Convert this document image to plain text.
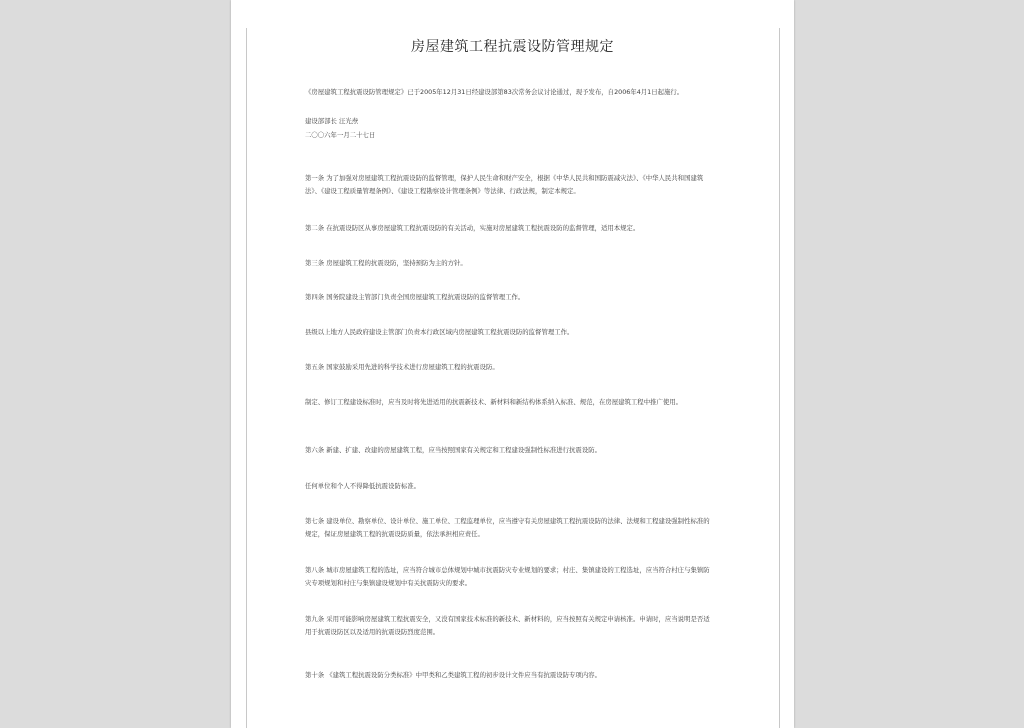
房屋建筑工程抗震设防管理规定
《房屋建筑工程抗震设防管理规定》已于2005年12月31日经建设部第83次常务会议讨论通过，现予发布，自2006年4月1日起施行。
建设部部长 汪光焘
二〇〇六年一月二十七日
第一条 为了加强对房屋建筑工程抗震设防的监督管理，保护人民生命和财产安全，根据《中华人民共和国防震减灾法》、《中华人民共和国建筑法》、《建设工程质量管理条例》、《建设工程勘察设计管理条例》等法律、行政法规，制定本规定。
第二条 在抗震设防区从事房屋建筑工程抗震设防的有关活动，实施对房屋建筑工程抗震设防的监督管理，适用本规定。
第三条 房屋建筑工程的抗震设防，坚持预防为主的方针。
第四条 国务院建设主管部门负责全国房屋建筑工程抗震设防的监督管理工作。
县级以上地方人民政府建设主管部门负责本行政区域内房屋建筑工程抗震设防的监督管理工作。
第五条 国家鼓励采用先进的科学技术进行房屋建筑工程的抗震设防。
制定、修订工程建设标准时，应当及时将先进适用的抗震新技术、新材料和新结构体系纳入标准、规范，在房屋建筑工程中推广使用。
第六条 新建、扩建、改建的房屋建筑工程，应当按照国家有关规定和工程建设强制性标准进行抗震设防。
任何单位和个人不得降低抗震设防标准。
第七条 建设单位、勘察单位、设计单位、施工单位、工程监理单位，应当遵守有关房屋建筑工程抗震设防的法律、法规和工程建设强制性标准的规定，保证房屋建筑工程的抗震设防质量，依法承担相应责任。
第八条 城市房屋建筑工程的选址，应当符合城市总体规划中城市抗震防灾专业规划的要求；村庄、集镇建设的工程选址，应当符合村庄与集镇防灾专项规划和村庄与集镇建设规划中有关抗震防灾的要求。
第九条 采用可能影响房屋建筑工程抗震安全，又没有国家技术标准的新技术、新材料的，应当按照有关规定申请核准。申请时，应当说明是否适用于抗震设防区以及适用的抗震设防烈度范围。
第十条 《建筑工程抗震设防分类标准》中甲类和乙类建筑工程的初步设计文件应当有抗震设防专项内容。
